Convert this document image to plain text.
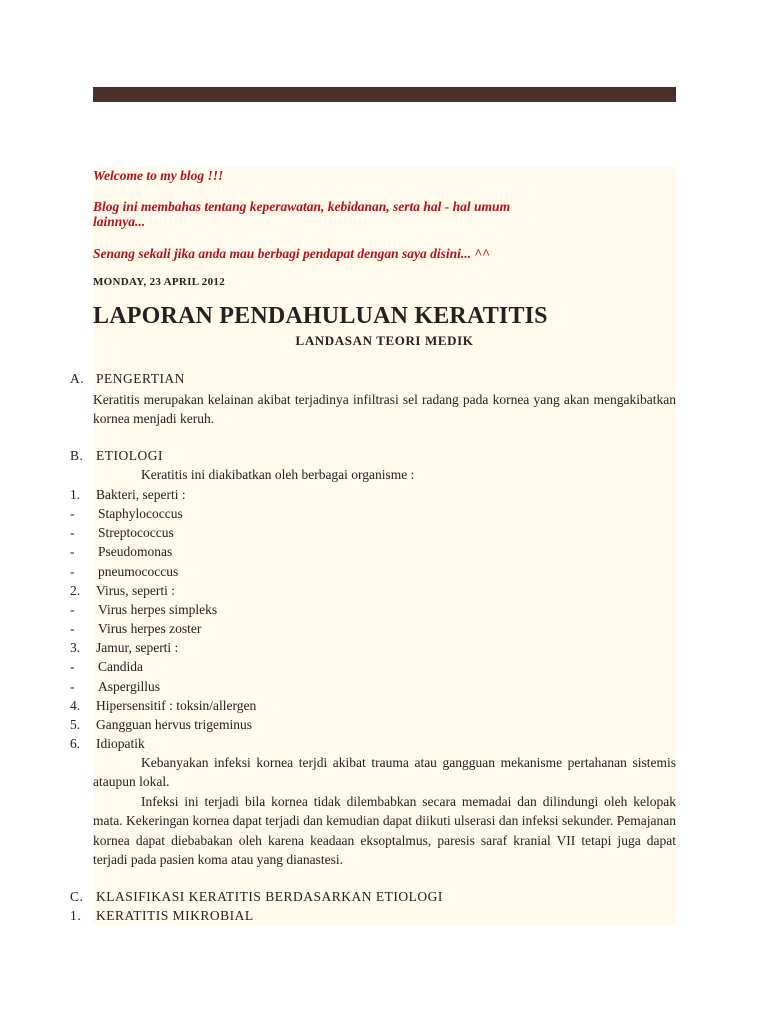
Welcome to my blog !!!
Blog ini membahas tentang keperawatan, kebidanan, serta hal - hal umum
lainnya...
Senang sekali jika anda mau berbagi pendapat dengan saya disini... ^^
MONDAY, 23 APRIL 2012
LAPORAN PENDAHULUAN KERATITIS
LANDASAN TEORI MEDIK
A. PENGERTIAN
Keratitis merupakan kelainan akibat terjadinya infiltrasi sel radang pada kornea yang akan mengakibatkan kornea menjadi keruh.
B. ETIOLOGI
Keratitis ini diakibatkan oleh berbagai organisme :
1. Bakteri, seperti :
- Staphylococcus
- Streptococcus
- Pseudomonas
- pneumococcus
2. Virus, seperti :
- Virus herpes simpleks
- Virus herpes zoster
3. Jamur, seperti :
- Candida
- Aspergillus
4. Hipersensitif : toksin/allergen
5. Gangguan hervus trigeminus
6. Idiopatik
Kebanyakan infeksi kornea terjdi akibat trauma atau gangguan mekanisme pertahanan sistemis ataupun lokal.
Infeksi ini terjadi bila kornea tidak dilembabkan secara memadai dan dilindungi oleh kelopak mata. Kekeringan kornea dapat terjadi dan kemudian dapat diikuti ulserasi dan infeksi sekunder. Pemajanan kornea dapat diebabakan oleh karena keadaan eksoptalmus, paresis saraf kranial VII tetapi juga dapat terjadi pada pasien koma atau yang dianastesi.
C. KLASIFIKASI KERATITIS BERDASARKAN ETIOLOGI
1. KERATITIS MIKROBIAL
